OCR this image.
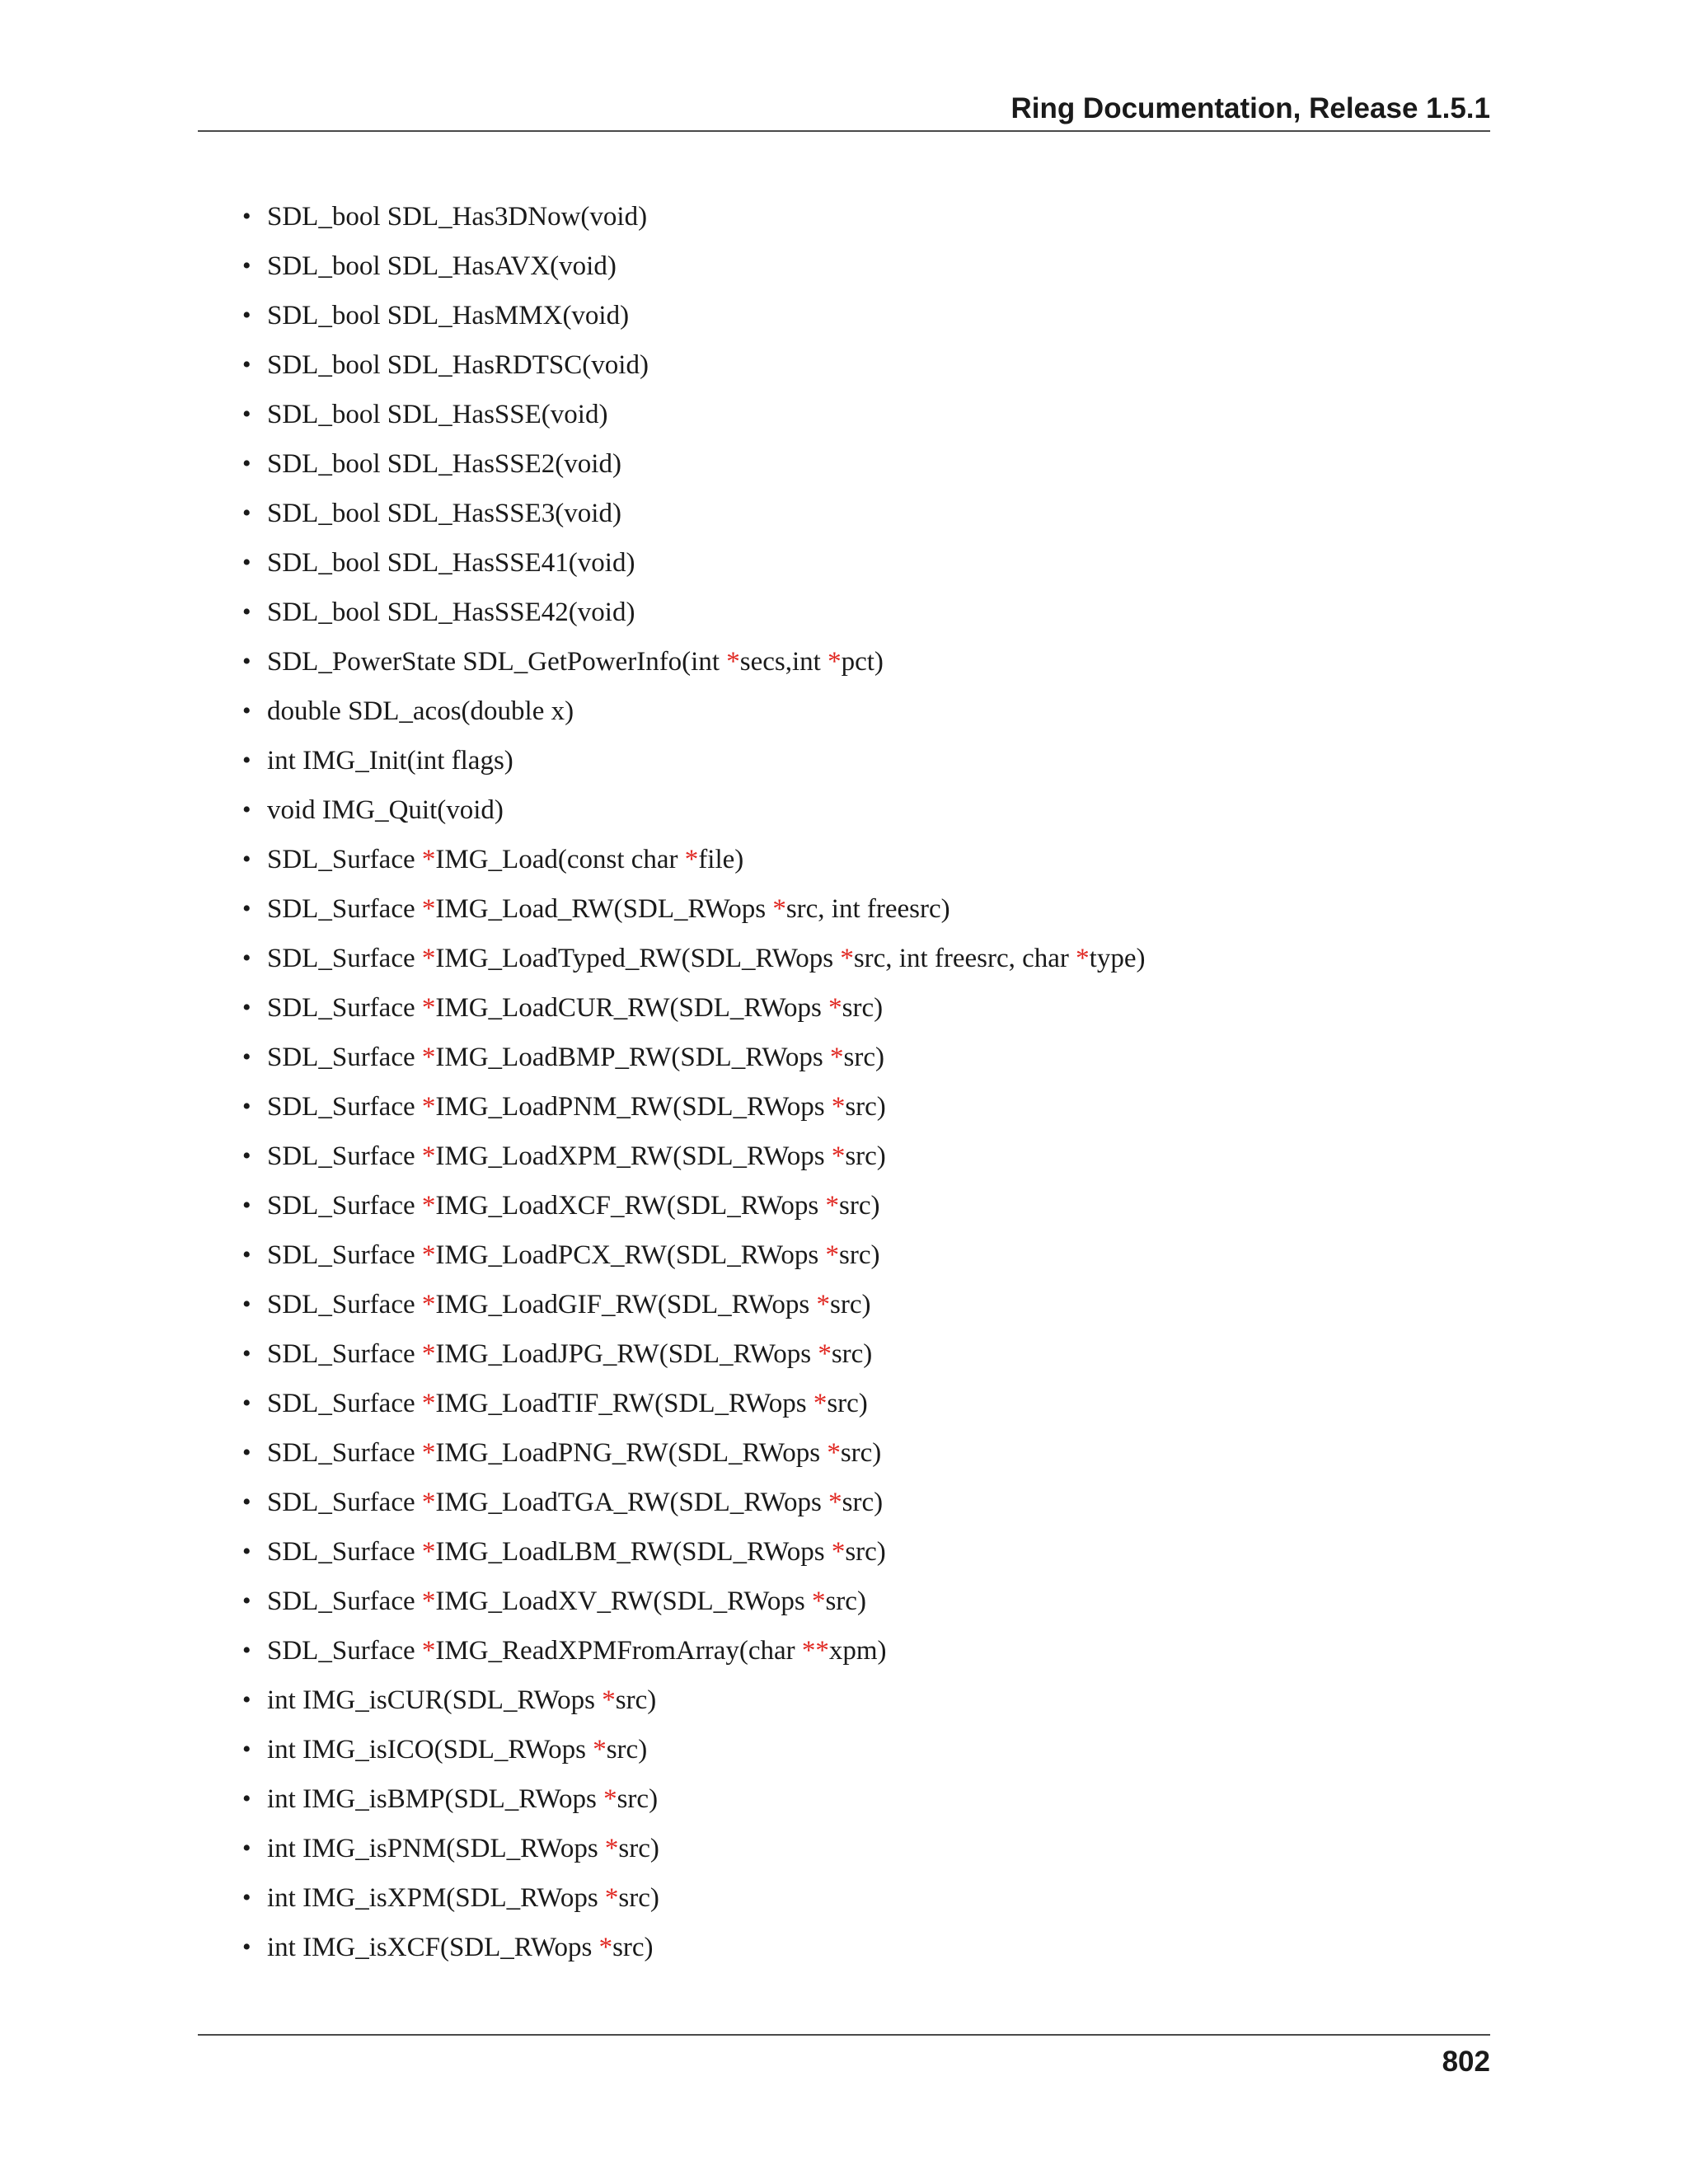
Ring Documentation, Release 1.5.1
• SDL_bool SDL_Has3DNow(void)
• SDL_bool SDL_HasAVX(void)
• SDL_bool SDL_HasMMX(void)
• SDL_bool SDL_HasRDTSC(void)
• SDL_bool SDL_HasSSE(void)
• SDL_bool SDL_HasSSE2(void)
• SDL_bool SDL_HasSSE3(void)
• SDL_bool SDL_HasSSE41(void)
• SDL_bool SDL_HasSSE42(void)
• SDL_PowerState SDL_GetPowerInfo(int *secs,int *pct)
• double SDL_acos(double x)
• int IMG_Init(int flags)
• void IMG_Quit(void)
• SDL_Surface *IMG_Load(const char *file)
• SDL_Surface *IMG_Load_RW(SDL_RWops *src, int freesrc)
• SDL_Surface *IMG_LoadTyped_RW(SDL_RWops *src, int freesrc, char *type)
• SDL_Surface *IMG_LoadCUR_RW(SDL_RWops *src)
• SDL_Surface *IMG_LoadBMP_RW(SDL_RWops *src)
• SDL_Surface *IMG_LoadPNM_RW(SDL_RWops *src)
• SDL_Surface *IMG_LoadXPM_RW(SDL_RWops *src)
• SDL_Surface *IMG_LoadXCF_RW(SDL_RWops *src)
• SDL_Surface *IMG_LoadPCX_RW(SDL_RWops *src)
• SDL_Surface *IMG_LoadGIF_RW(SDL_RWops *src)
• SDL_Surface *IMG_LoadJPG_RW(SDL_RWops *src)
• SDL_Surface *IMG_LoadTIF_RW(SDL_RWops *src)
• SDL_Surface *IMG_LoadPNG_RW(SDL_RWops *src)
• SDL_Surface *IMG_LoadTGA_RW(SDL_RWops *src)
• SDL_Surface *IMG_LoadLBM_RW(SDL_RWops *src)
• SDL_Surface *IMG_LoadXV_RW(SDL_RWops *src)
• SDL_Surface *IMG_ReadXPMFromArray(char **xpm)
• int IMG_isCUR(SDL_RWops *src)
• int IMG_isICO(SDL_RWops *src)
• int IMG_isBMP(SDL_RWops *src)
• int IMG_isPNM(SDL_RWops *src)
• int IMG_isXPM(SDL_RWops *src)
• int IMG_isXCF(SDL_RWops *src)
802
